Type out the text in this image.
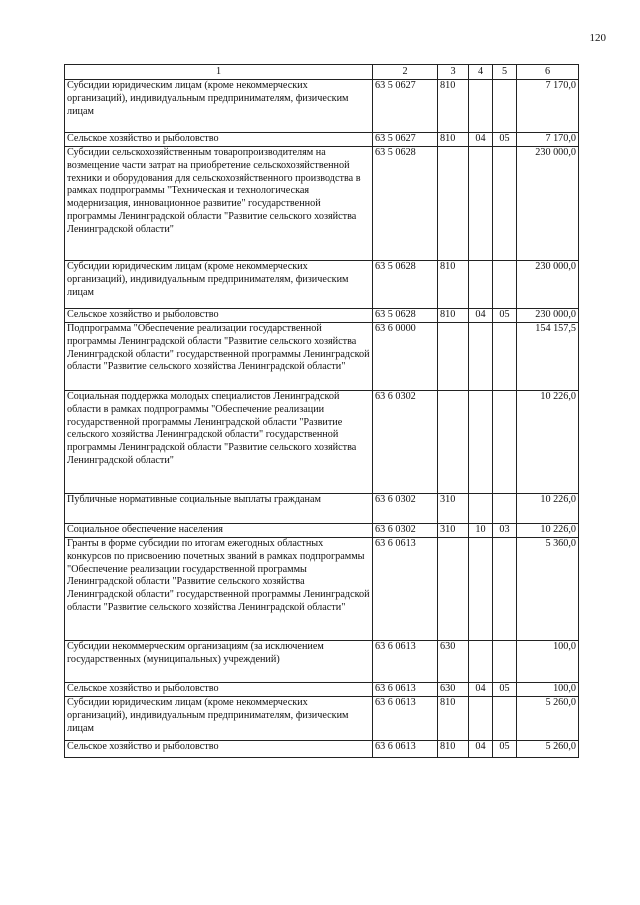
120
1	2	3	4	5	6
Субсидии юридическим лицам (кроме некоммерческих организаций), индивидуальным предпринимателям, физическим лицам	63 5 0627	810			7 170,0
Сельское хозяйство и рыболовство	63 5 0627	810	04	05	7 170,0
Субсидии сельскохозяйственным товаропроизводителям на возмещение части затрат на приобретение сельскохозяйственной техники и оборудования для сельскохозяйственного производства в рамках подпрограммы "Техническая и технологическая модернизация, инновационное развитие" государственной программы Ленинградской области "Развитие сельского хозяйства Ленинградской области"	63 5 0628				230 000,0
Субсидии юридическим лицам (кроме некоммерческих организаций), индивидуальным предпринимателям, физическим лицам	63 5 0628	810			230 000,0
Сельское хозяйство и рыболовство	63 5 0628	810	04	05	230 000,0
Подпрограмма "Обеспечение реализации государственной программы Ленинградской области "Развитие сельского хозяйства Ленинградской области" государственной программы Ленинградской области "Развитие сельского хозяйства Ленинградской области"	63 6 0000				154 157,5
Социальная поддержка молодых специалистов Ленинградской области в рамках подпрограммы "Обеспечение реализации государственной программы Ленинградской области "Развитие сельского хозяйства Ленинградской области" государственной программы Ленинградской области "Развитие сельского хозяйства Ленинградской области"	63 6 0302				10 226,0
Публичные нормативные социальные выплаты гражданам	63 6 0302	310			10 226,0
Социальное обеспечение населения	63 6 0302	310	10	03	10 226,0
Гранты в форме субсидии по итогам ежегодных областных конкурсов по присвоению почетных званий в рамках подпрограммы "Обеспечение реализации государственной программы Ленинградской области "Развитие сельского хозяйства Ленинградской области" государственной программы Ленинградской области "Развитие сельского хозяйства Ленинградской области"	63 6 0613				5 360,0
Субсидии некоммерческим организациям (за исключением государственных (муниципальных) учреждений)	63 6 0613	630			100,0
Сельское хозяйство и рыболовство	63 6 0613	630	04	05	100,0
Субсидии юридическим лицам (кроме некоммерческих организаций), индивидуальным предпринимателям, физическим лицам	63 6 0613	810			5 260,0
Сельское хозяйство и рыболовство	63 6 0613	810	04	05	5 260,0
